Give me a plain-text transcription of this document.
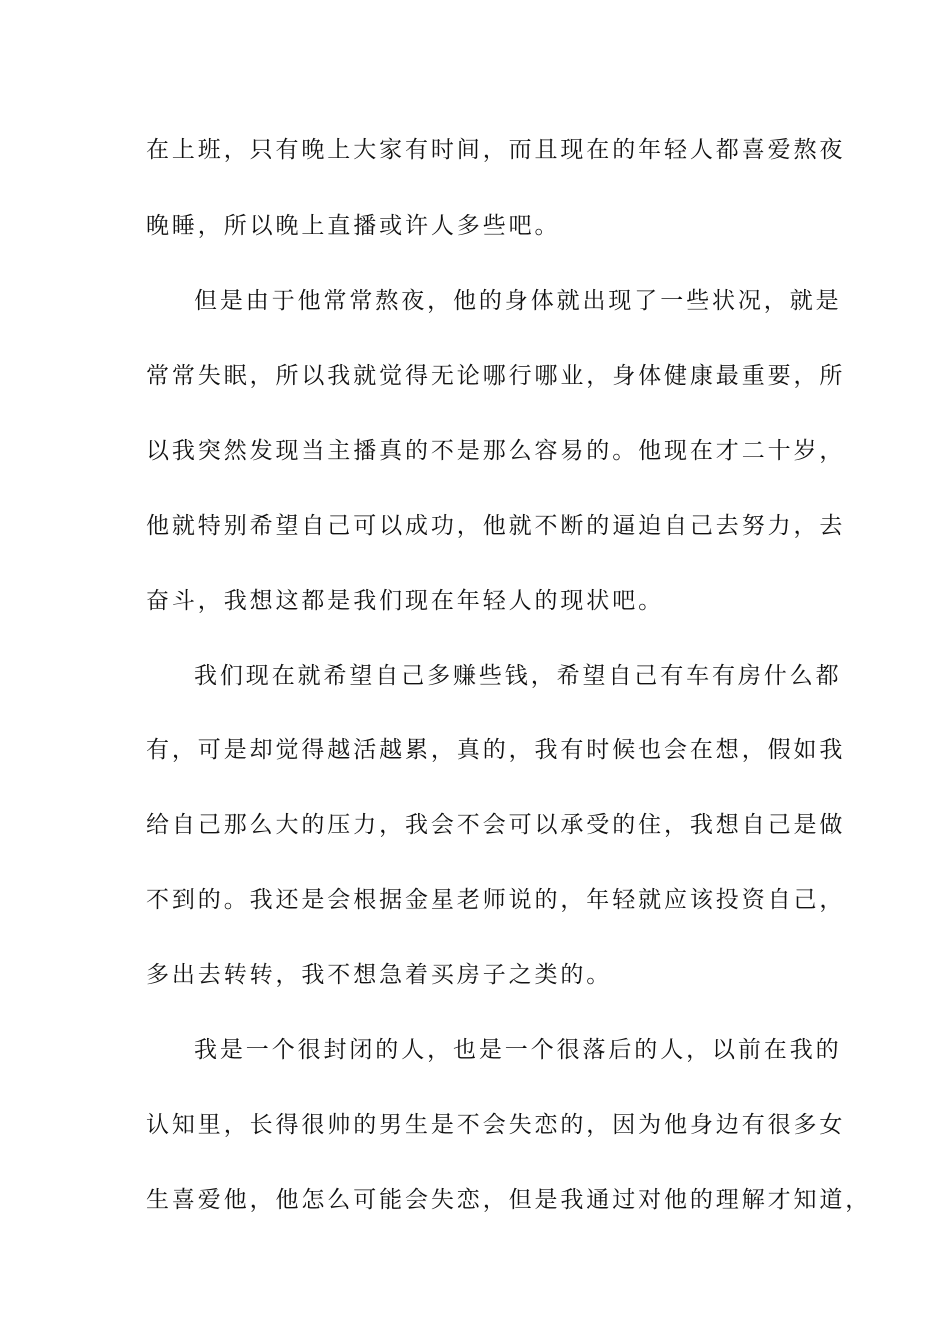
在上班，只有晚上大家有时间，而且现在的年轻人都喜爱熬夜
晚睡，所以晚上直播或许人多些吧。
但是由于他常常熬夜，他的身体就出现了一些状况，就是
常常失眠，所以我就觉得无论哪行哪业，身体健康最重要，所
以我突然发现当主播真的不是那么容易的。他现在才二十岁，
他就特别希望自己可以成功，他就不断的逼迫自己去努力，去
奋斗，我想这都是我们现在年轻人的现状吧。
我们现在就希望自己多赚些钱，希望自己有车有房什么都
有，可是却觉得越活越累，真的，我有时候也会在想，假如我
给自己那么大的压力，我会不会可以承受的住，我想自己是做
不到的。我还是会根据金星老师说的，年轻就应该投资自己，
多出去转转，我不想急着买房子之类的。
我是一个很封闭的人，也是一个很落后的人，以前在我的
认知里，长得很帅的男生是不会失恋的，因为他身边有很多女
生喜爱他，他怎么可能会失恋，但是我通过对他的理解才知道，
